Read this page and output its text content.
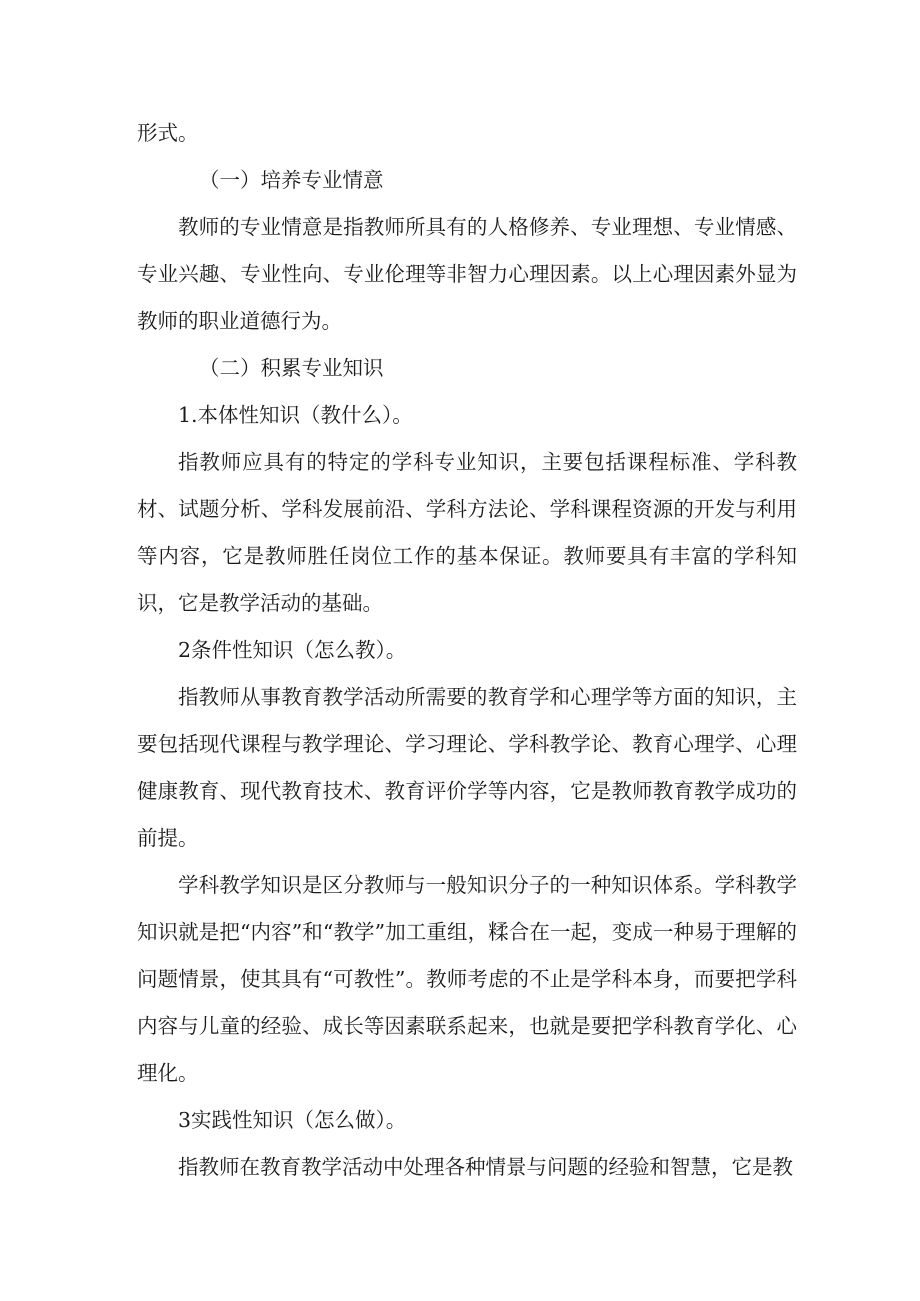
形式。

（一）培养专业情意

教师的专业情意是指教师所具有的人格修养、专业理想、专业情感、专业兴趣、专业性向、专业伦理等非智力心理因素。以上心理因素外显为教师的职业道德行为。

（二）积累专业知识

1.本体性知识（教什么）。

指教师应具有的特定的学科专业知识，主要包括课程标准、学科教材、试题分析、学科发展前沿、学科方法论、学科课程资源的开发与利用等内容，它是教师胜任岗位工作的基本保证。教师要具有丰富的学科知识，它是教学活动的基础。

2条件性知识（怎么教）。

指教师从事教育教学活动所需要的教育学和心理学等方面的知识，主要包括现代课程与教学理论、学习理论、学科教学论、教育心理学、心理健康教育、现代教育技术、教育评价学等内容，它是教师教育教学成功的前提。

学科教学知识是区分教师与一般知识分子的一种知识体系。学科教学知识就是把“内容”和“教学”加工重组，糅合在一起，变成一种易于理解的问题情景，使其具有“可教性”。教师考虑的不止是学科本身，而要把学科内容与儿童的经验、成长等因素联系起来，也就是要把学科教育学化、心理化。

3实践性知识（怎么做）。

指教师在教育教学活动中处理各种情景与问题的经验和智慧，它是教
